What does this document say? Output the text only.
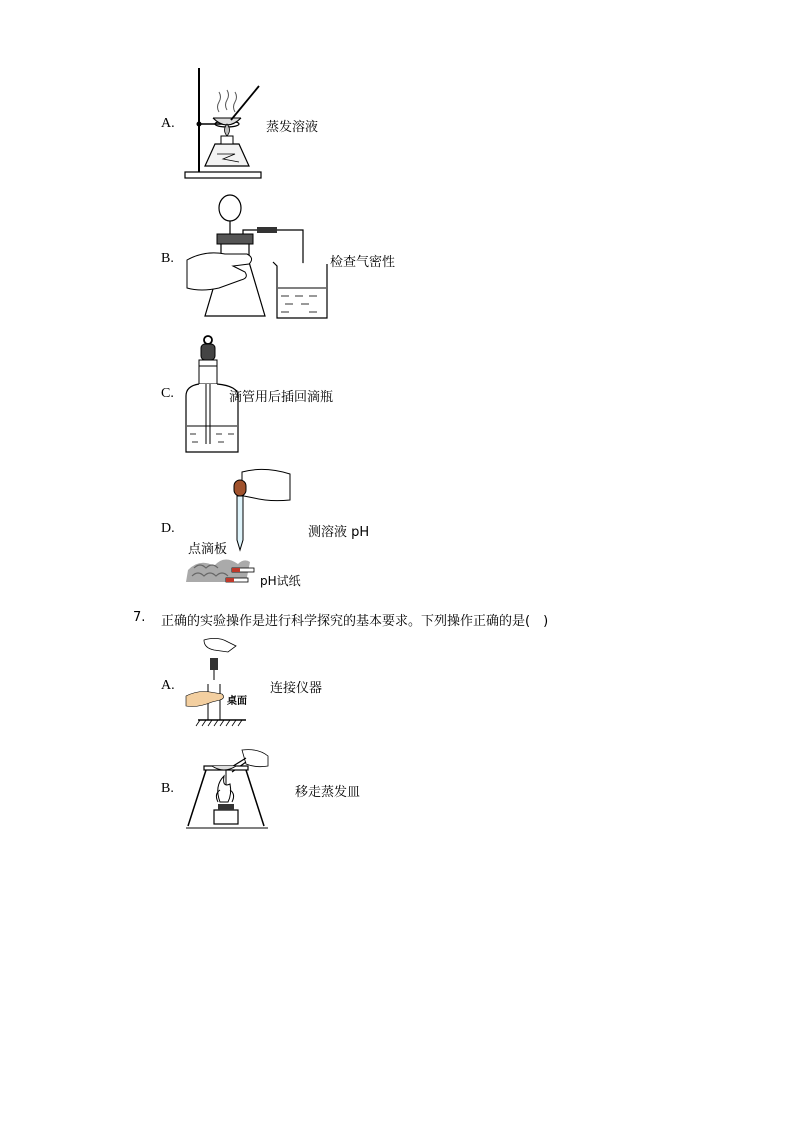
A.	蒸发溶液
B.	检查气密性
C.	滴管用后插回滴瓶
D.
点滴板
pH试纸
测溶液 pH
7. 正确的实验操作是进行科学探究的基本要求。下列操作正确的是(　)
A.
桌面
连接仪器
B.	移走蒸发皿
